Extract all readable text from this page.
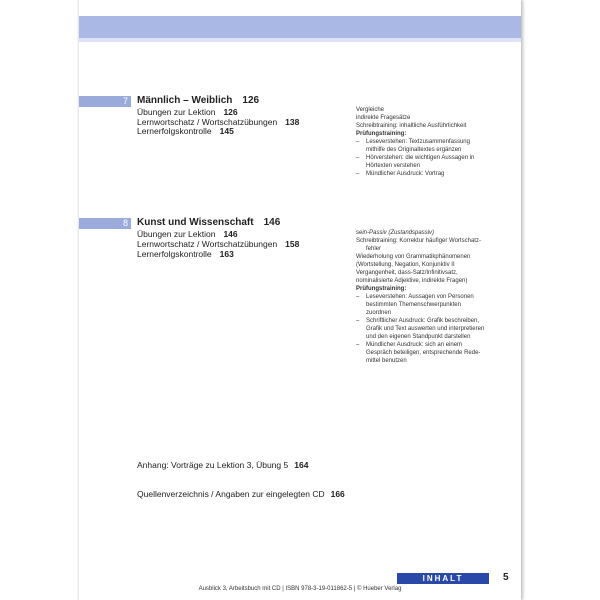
7 Männlich – Weiblich 126
Übungen zur Lektion 126
Lernwortschatz / Wortschatzübungen 138
Lernerfolgskontrolle 145
Vergleiche
indirekte Fragesätze
Schreibtraining: inhaltliche Ausführlichkeit
Prüfungstraining:
–	Leseverstehen: Textzusammenfassung
mithilfe des Originaltextes ergänzen
–	Hörverstehen: die wichtigen Aussagen in
Hörtexten verstehen
–	Mündlicher Ausdruck: Vortrag
8 Kunst und Wissenschaft 146
Übungen zur Lektion 146
Lernwortschatz / Wortschatzübungen 158
Lernerfolgskontrolle 163
sein-Passiv (Zustandspassiv)
Schreibtraining: Korrektur häufiger Wortschatz-
fehler
Wiederholung von Grammatikphänomenen
(Wortstellung, Negation, Konjunktiv II
Vergangenheit, dass-Satz/Infinitivsatz,
nominalisierte Adjektive, indirekte Fragen)
Prüfungstraining:
–	Leseverstehen: Aussagen von Personen
bestimmten Themenschwerpunkten
zuordnen
–	Schriftlicher Ausdruck: Grafik beschreiben,
Grafik und Text auswerten und interpretieren
und den eigenen Standpunkt darstellen
–	Mündlicher Ausdruck: sich an einem
Gespräch beteiligen, entsprechende Rede-
mittel benutzen
Anhang: Vorträge zu Lektion 3, Übung 5 164
Quellenverzeichnis / Angaben zur eingelegten CD 166
INHALT	5
Ausblick 3, Arbeitsbuch mit CD | ISBN 978-3-19-011862-5 | © Hueber Verlag
